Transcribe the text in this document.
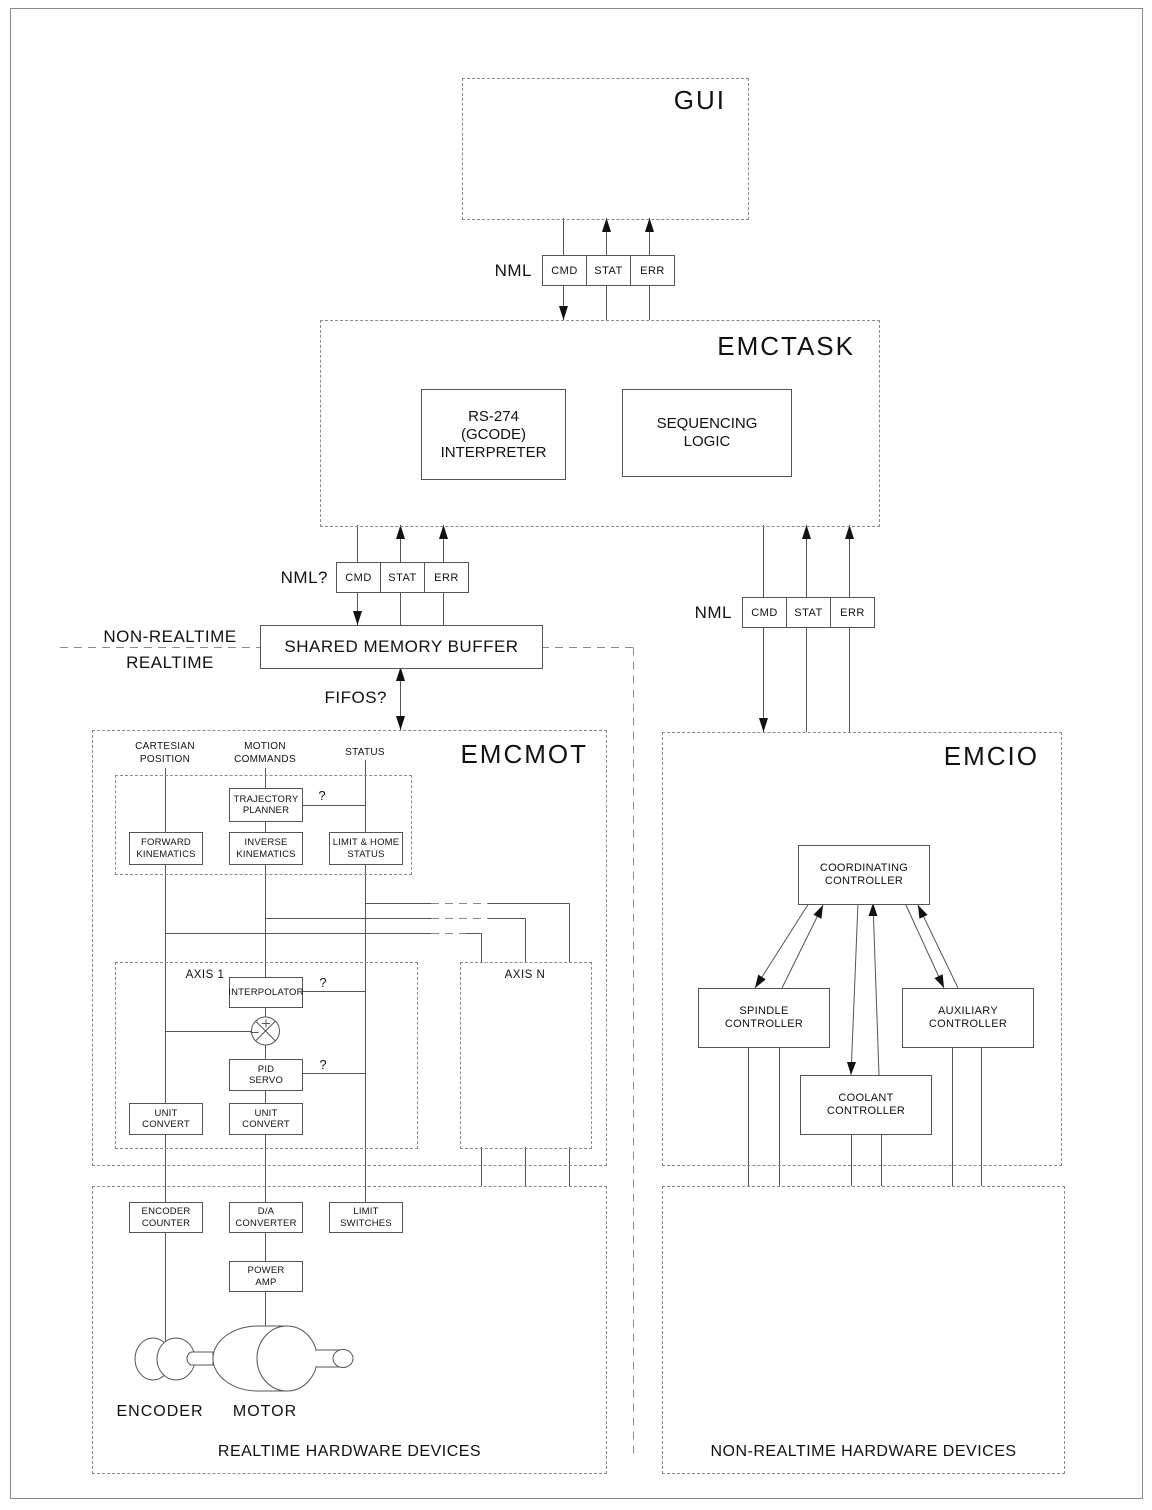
GUI
NML	CMD	STAT	ERR
EMCTASK
RS-274
(GCODE)
INTERPRETER
SEQUENCING
LOGIC
NML?	CMD	STAT	ERR
NML	CMD	STAT	ERR
NON-REALTIME
REALTIME
SHARED MEMORY BUFFER
FIFOS?
EMCMOT
CARTESIAN
POSITION
MOTION
COMMANDS
STATUS
TRAJECTORY
PLANNER
?
FORWARD
KINEMATICS
INVERSE
KINEMATICS
LIMIT & HOME
STATUS
AXIS 1
INTERPOLATOR
?
PID
SERVO
?
UNIT
CONVERT
UNIT
CONVERT
AXIS N
EMCIO
COORDINATING
CONTROLLER
SPINDLE
CONTROLLER
AUXILIARY
CONTROLLER
COOLANT
CONTROLLER
REALTIME HARDWARE DEVICES	NON-REALTIME HARDWARE DEVICES
ENCODER
COUNTER
D/A
CONVERTER
LIMIT
SWITCHES
POWER
AMP
ENCODER	MOTOR
